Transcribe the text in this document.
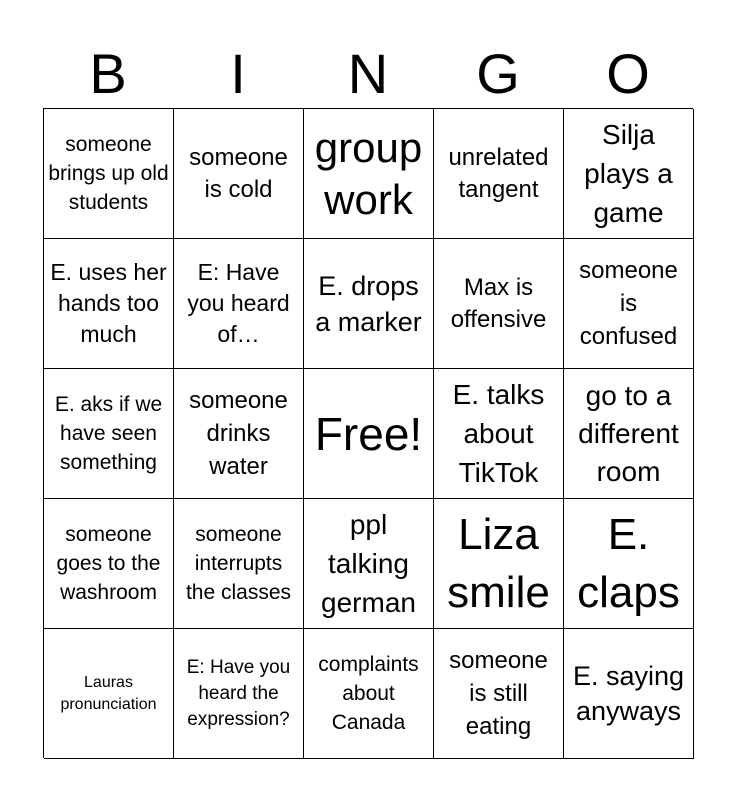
B	I	N	G	O
someone brings up old students
someone is cold
group work
unrelated tangent
Silja plays a game
E. uses her hands too much
E: Have you heard of…
E. drops a marker
Max is offensive
someone is confused
E. aks if we have seen something
someone drinks water
Free!
E. talks about TikTok
go to a different room
someone goes to the washroom
someone interrupts the classes
ppl talking german
Liza smile
E. claps
Lauras pronunciation
E: Have you heard the expression?
complaints about Canada
someone is still eating
E. saying anyways
